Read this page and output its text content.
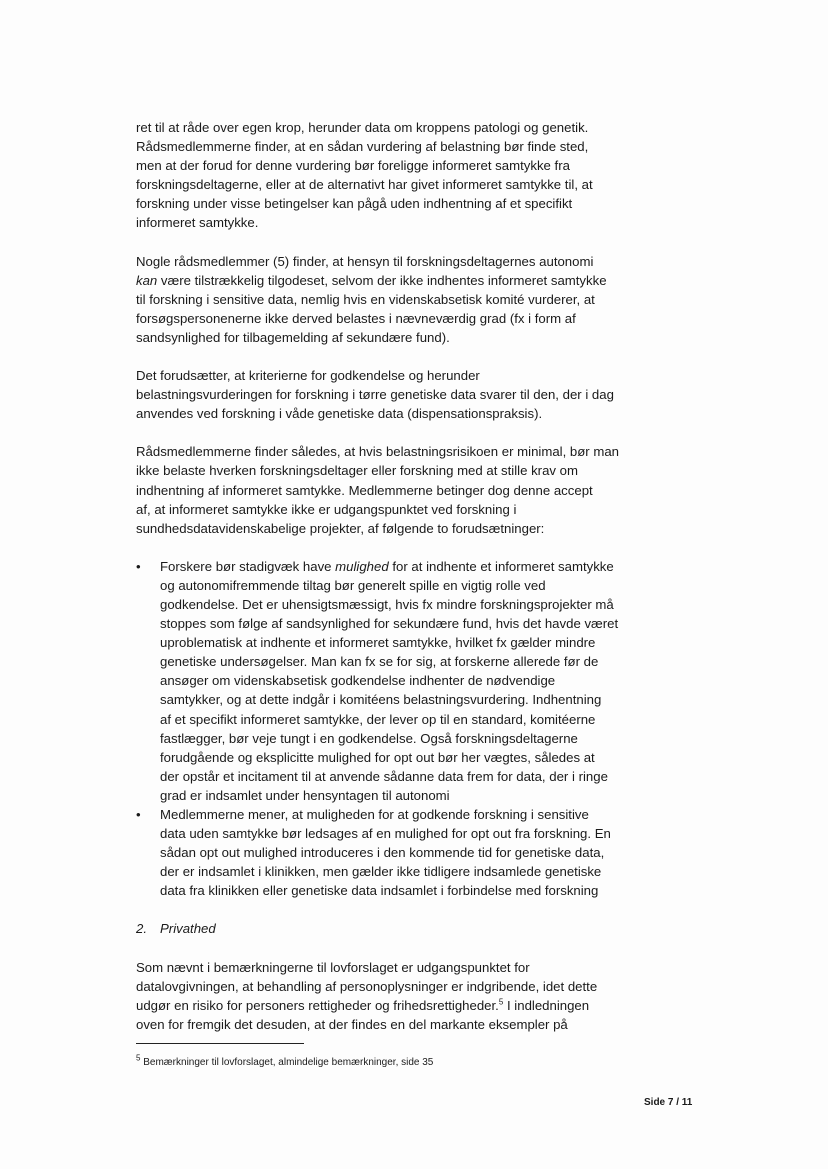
ret til at råde over egen krop, herunder data om kroppens patologi og genetik.
Rådsmedlemmerne finder, at en sådan vurdering af belastning bør finde sted,
men at der forud for denne vurdering bør foreligge informeret samtykke fra
forskningsdeltagerne, eller at de alternativt har givet informeret samtykke til, at
forskning under visse betingelser kan pågå uden indhentning af et specifikt
informeret samtykke.
Nogle rådsmedlemmer (5) finder, at hensyn til forskningsdeltagernes autonomi
kan være tilstrækkelig tilgodeset, selvom der ikke indhentes informeret samtykke
til forskning i sensitive data, nemlig hvis en videnskabsetisk komité vurderer, at
forsøgspersonenerne ikke derved belastes i nævneværdig grad (fx i form af
sandsynlighed for tilbagemelding af sekundære fund).
Det forudsætter, at kriterierne for godkendelse og herunder
belastningsvurderingen for forskning i tørre genetiske data svarer til den, der i dag
anvendes ved forskning i våde genetiske data (dispensationspraksis).
Rådsmedlemmerne finder således, at hvis belastningsrisikoen er minimal, bør man
ikke belaste hverken forskningsdeltager eller forskning med at stille krav om
indhentning af informeret samtykke. Medlemmerne betinger dog denne accept
af, at informeret samtykke ikke er udgangspunktet ved forskning i
sundhedsdatavidenskabelige projekter, af følgende to forudsætninger:
• Forskere bør stadigvæk have mulighed for at indhente et informeret samtykke
og autonomifremmende tiltag bør generelt spille en vigtig rolle ved
godkendelse. Det er uhensigtsmæssigt, hvis fx mindre forskningsprojekter må
stoppes som følge af sandsynlighed for sekundære fund, hvis det havde været
uproblematisk at indhente et informeret samtykke, hvilket fx gælder mindre
genetiske undersøgelser. Man kan fx se for sig, at forskerne allerede før de
ansøger om videnskabsetisk godkendelse indhenter de nødvendige
samtykker, og at dette indgår i komitéens belastningsvurdering. Indhentning
af et specifikt informeret samtykke, der lever op til en standard, komitéerne
fastlægger, bør veje tungt i en godkendelse. Også forskningsdeltagerne
forudgående og eksplicitte mulighed for opt out bør her vægtes, således at
der opstår et incitament til at anvende sådanne data frem for data, der i ringe
grad er indsamlet under hensyntagen til autonomi
• Medlemmerne mener, at muligheden for at godkende forskning i sensitive
data uden samtykke bør ledsages af en mulighed for opt out fra forskning. En
sådan opt out mulighed introduceres i den kommende tid for genetiske data,
der er indsamlet i klinikken, men gælder ikke tidligere indsamlede genetiske
data fra klinikken eller genetiske data indsamlet i forbindelse med forskning
2. Privathed
Som nævnt i bemærkningerne til lovforslaget er udgangspunktet for
datalovgivningen, at behandling af personoplysninger er indgribende, idet dette
udgør en risiko for personers rettigheder og frihedsrettigheder.$^5$ I indledningen
oven for fremgik det desuden, at der findes en del markante eksempler på
$^5$ Bemærkninger til lovforslaget, almindelige bemærkninger, side 35
Side 7 / 11
